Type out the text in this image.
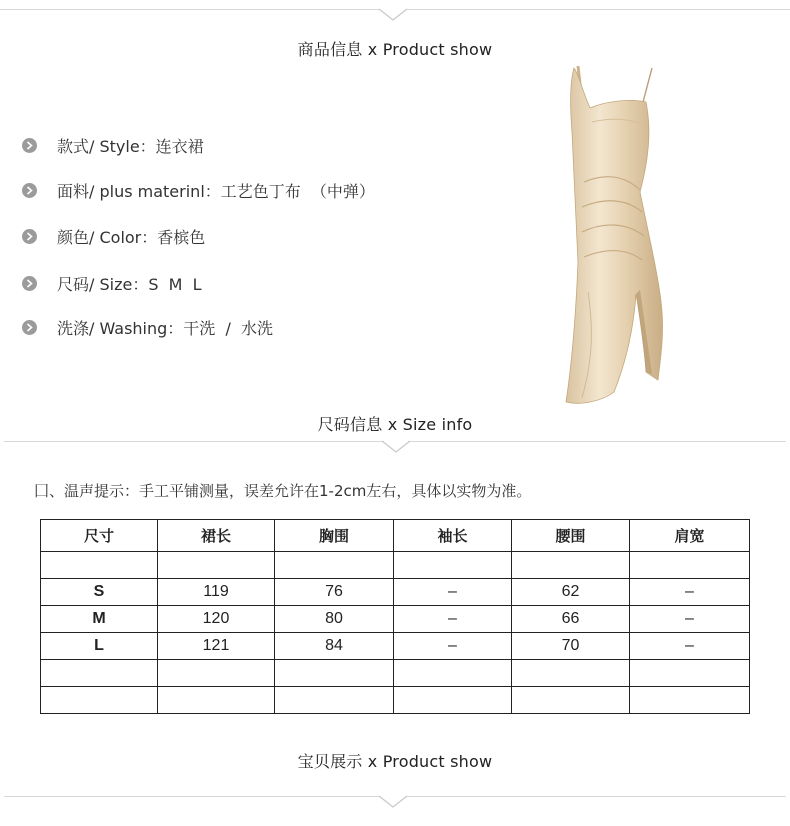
商品信息 x Product show
款式/ Style：连衣裙
面料/ plus materinl：工艺色丁布  （中弹）
颜色/ Color：香槟色
尺码/ Size：S  M  L
洗涤/ Washing：干洗  /  水洗
尺码信息 x Size info
囗、温声提示：手工平铺测量，误差允许在1-2cm左右，具体以实物为准。
尺寸	裙长	胸围	袖长	腰围	肩宽

S	119	76	–	62	–
M	120	80	–	66	–
L	121	84	–	70	–

宝贝展示 x Product show
